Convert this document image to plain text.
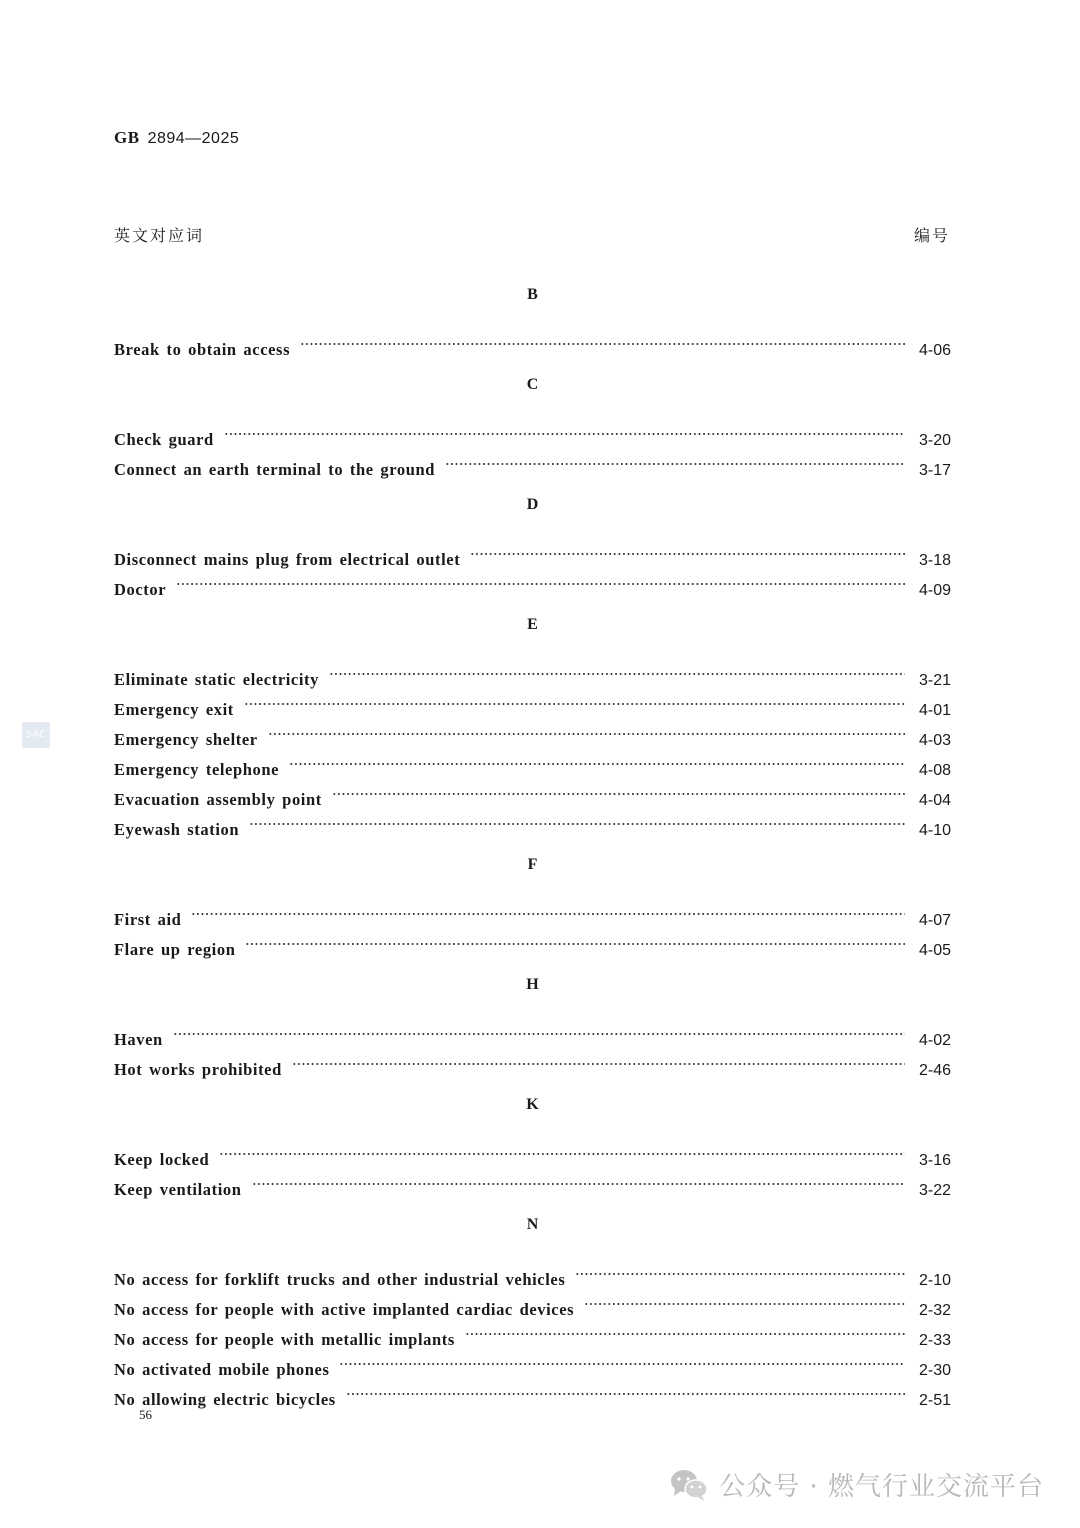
GB 2894—2025
英文对应词	编号
B
Break to obtain access	4-06
C
Check guard	3-20
Connect an earth terminal to the ground	3-17
D
Disconnect mains plug from electrical outlet	3-18
Doctor	4-09
E
Eliminate static electricity	3-21
Emergency exit	4-01
Emergency shelter	4-03
Emergency telephone	4-08
Evacuation assembly point	4-04
Eyewash station	4-10
F
First aid	4-07
Flare up region	4-05
H
Haven	4-02
Hot works prohibited	2-46
K
Keep locked	3-16
Keep ventilation	3-22
N
No access for forklift trucks and other industrial vehicles	2-10
No access for people with active implanted cardiac devices	2-32
No access for people with metallic implants	2-33
No activated mobile phones	2-30
No allowing electric bicycles	2-51
SAC
56
公众号 · 燃气行业交流平台
